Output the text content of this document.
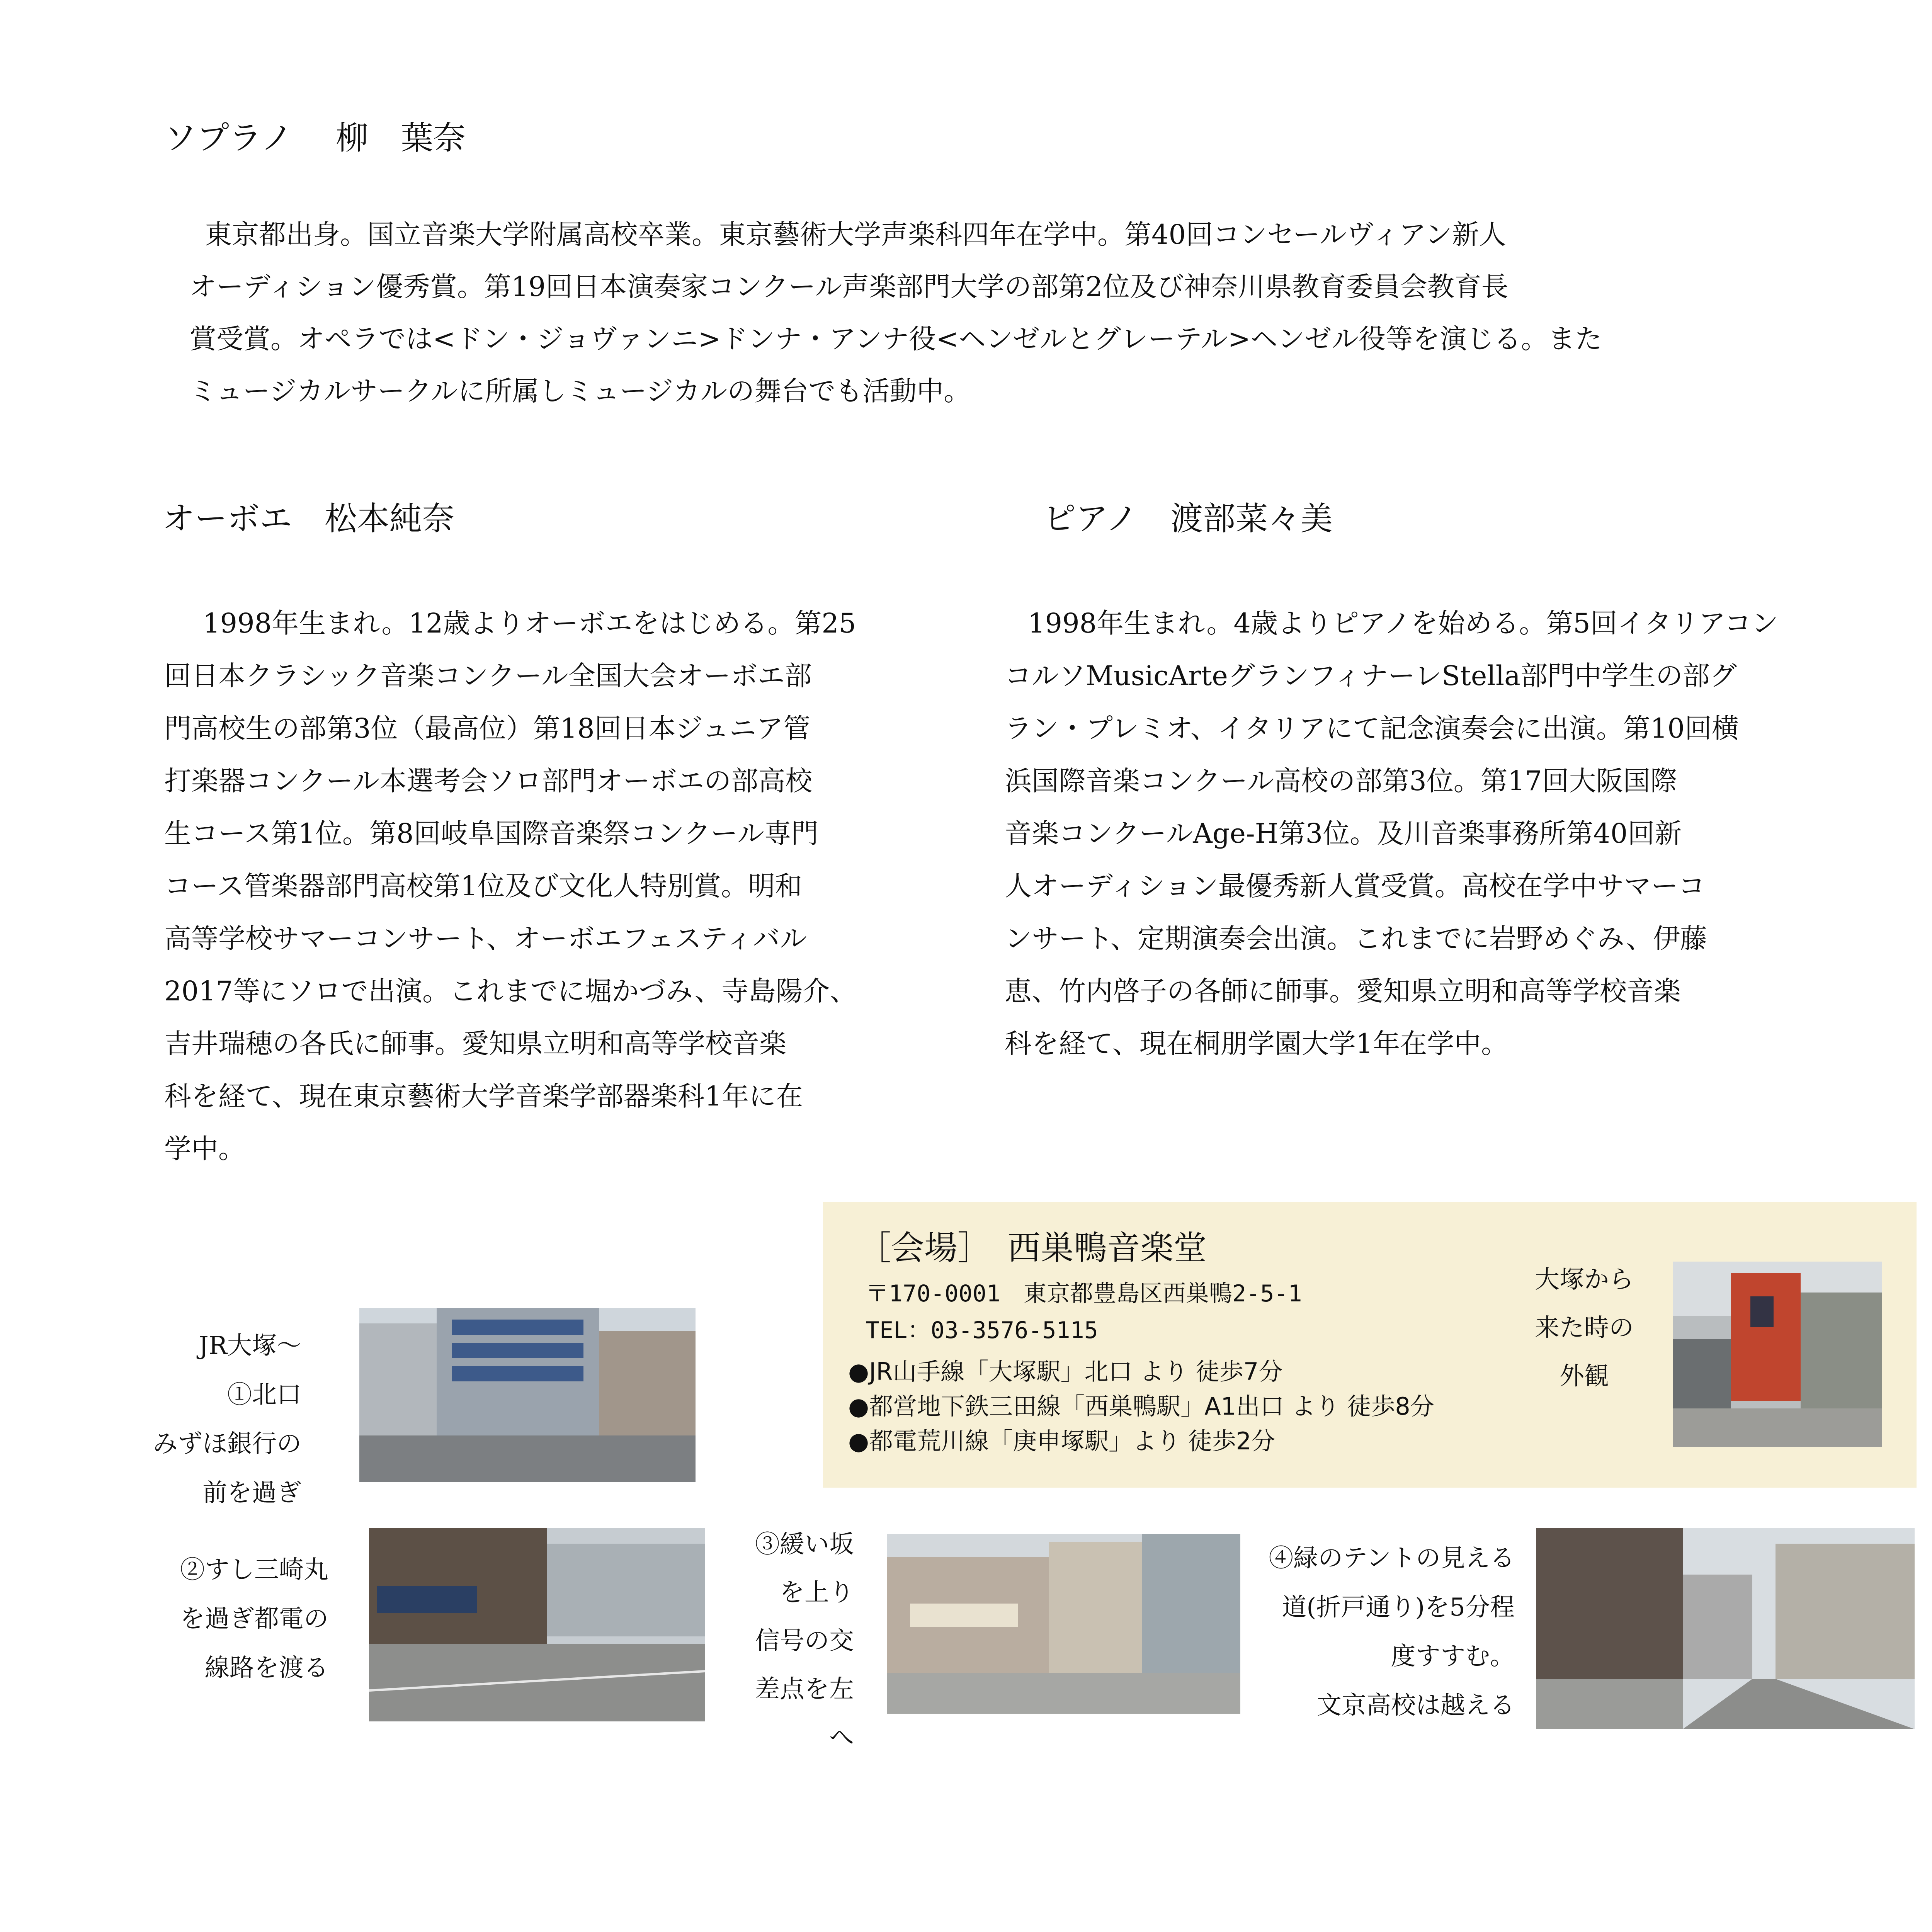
ソプラノ　 柳　葉奈

東京都出身。国立音楽大学附属高校卒業。東京藝術大学声楽科四年在学中。第40回コンセールヴィアン新人

オーディション優秀賞。第19回日本演奏家コンクール声楽部門大学の部第2位及び神奈川県教育委員会教育長

賞受賞。オペラでは<ドン・ジョヴァンニ>ドンナ・アンナ役<ヘンゼルとグレーテル>ヘンゼル役等を演じる。また

ミュージカルサークルに所属しミュージカルの舞台でも活動中。

オーボエ　松本純奈

1998年生まれ。12歳よりオーボエをはじめる。第25

回日本クラシック音楽コンクール全国大会オーボエ部

門高校生の部第3位（最高位）第18回日本ジュニア管

打楽器コンクール本選考会ソロ部門オーボエの部高校

生コース第1位。第8回岐阜国際音楽祭コンクール専門

コース管楽器部門高校第1位及び文化人特別賞。明和

高等学校サマーコンサート、オーボエフェスティバル

2017等にソロで出演。これまでに堀かづみ、寺島陽介、

吉井瑞穂の各氏に師事。愛知県立明和高等学校音楽

科を経て、現在東京藝術大学音楽学部器楽科1年に在

学中。

ピアノ　渡部菜々美

1998年生まれ。4歳よりピアノを始める。第5回イタリアコン

コルソMusicArteグランフィナーレStella部門中学生の部グ

ラン・プレミオ、イタリアにて記念演奏会に出演。第10回横

浜国際音楽コンクール高校の部第3位。第17回大阪国際

音楽コンクールAge-H第3位。及川音楽事務所第40回新

人オーディション最優秀新人賞受賞。高校在学中サマーコ

ンサート、定期演奏会出演。これまでに岩野めぐみ、伊藤

恵、竹内啓子の各師に師事。愛知県立明和高等学校音楽

科を経て、現在桐朋学園大学1年在学中。

［会場］　西巣鴨音楽堂
〒170-0001　東京都豊島区西巣鴨2-5-1
TEL：03-3576-5115
●JR山手線「大塚駅」北口 より 徒歩7分
●都営地下鉄三田線「西巣鴨駅」A1出口 より 徒歩8分
●都電荒川線「庚申塚駅」より 徒歩2分
大塚から
来た時の
外観
JR大塚〜
①北口
みずほ銀行の
前を過ぎ
②すし三崎丸
を過ぎ都電の
線路を渡る
③緩い坂
を上り
信号の交
差点を左
へ
④緑のテントの見える
道(折戸通り)を5分程
度すすむ。
文京高校は越える
